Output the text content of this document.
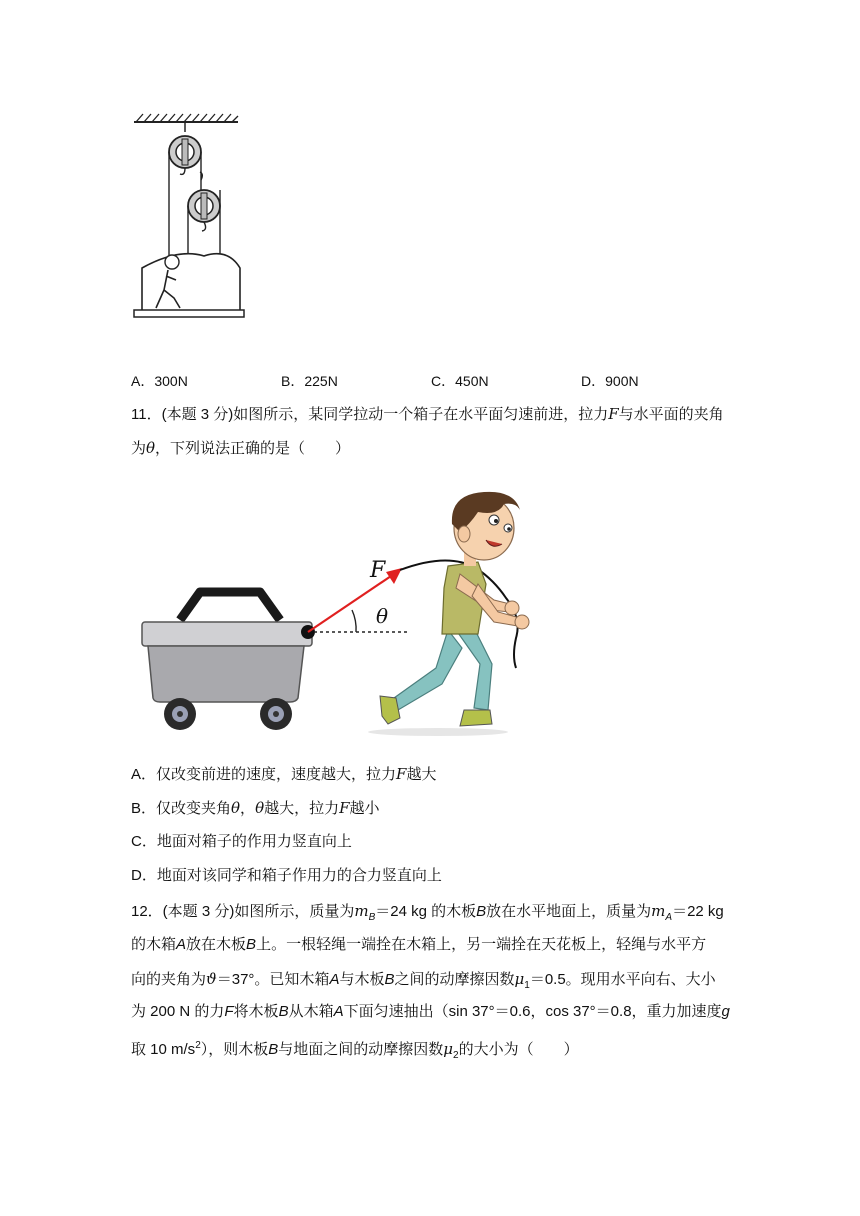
A．300N	B．225N	C．450N	D．900N
11．(本题 3 分)如图所示，某同学拉动一个箱子在水平面匀速前进，拉力F与水平面的夹角
为θ，下列说法正确的是（　　）
F
θ
A．仅改变前进的速度，速度越大，拉力F越大
B．仅改变夹角θ，θ越大，拉力F越小
C．地面对箱子的作用力竖直向上
D．地面对该同学和箱子作用力的合力竖直向上
12．(本题 3 分)如图所示，质量为$m_B=24$ kg 的木板B放在水平地面上，质量为$m_A=22$ kg
的木箱A放在木板B上。一根轻绳一端拴在木箱上，另一端拴在天花板上，轻绳与水平方
向的夹角为ϑ＝37°。已知木箱A与木板B之间的动摩擦因数$\mu_1=0.5$。现用水平向右、大小
为 200 N 的力F将木板B从木箱A下面匀速抽出（sin 37°＝0.6，cos 37°＝0.8，重力加速度g
取 10 $m/s^2$），则木板B与地面之间的动摩擦因数$\mu_2$的大小为（　　）
